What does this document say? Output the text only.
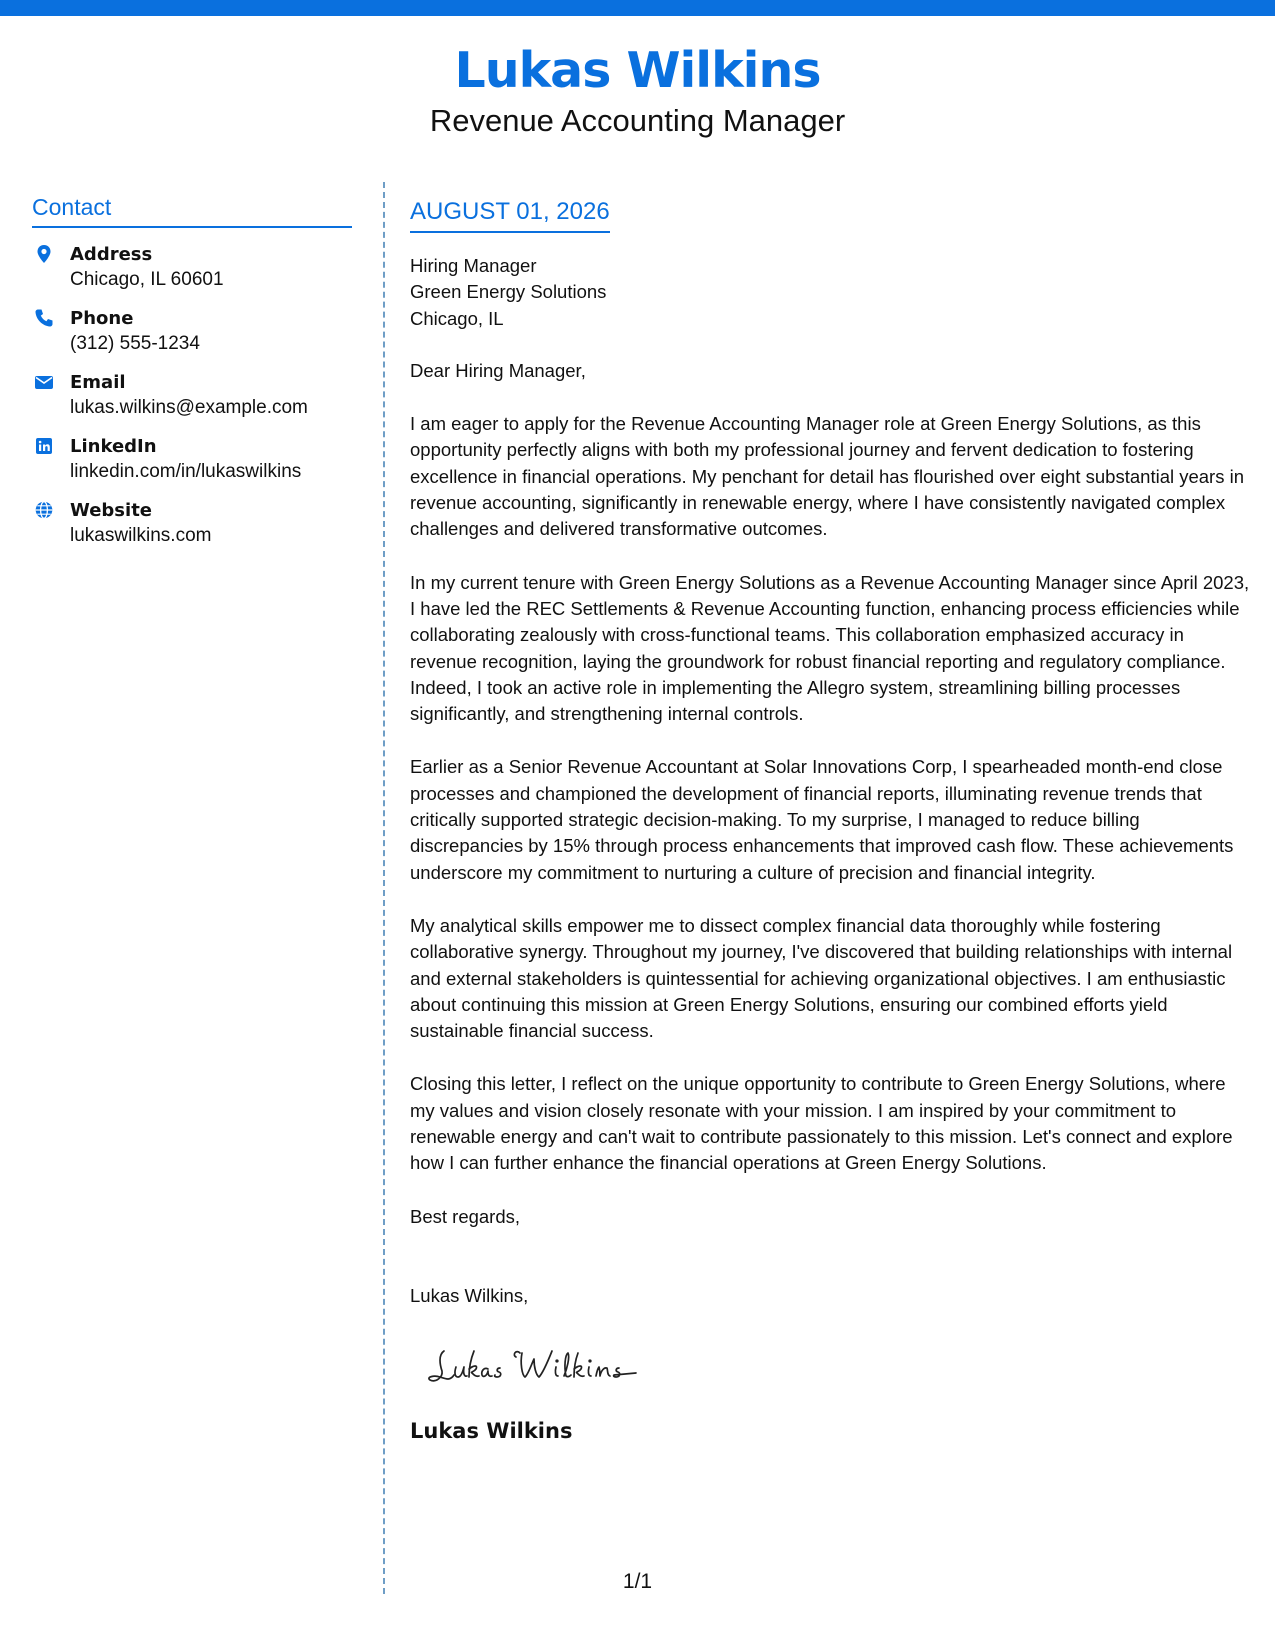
Lukas Wilkins
Revenue Accounting Manager
Contact
Address
Chicago, IL 60601
Phone
(312) 555-1234
Email
lukas.wilkins@example.com
LinkedIn
linkedin.com/in/lukaswilkins
Website
lukaswilkins.com
AUGUST 01, 2026
Hiring Manager
Green Energy Solutions
Chicago, IL
Dear Hiring Manager,
I am eager to apply for the Revenue Accounting Manager role at Green Energy Solutions, as this opportunity perfectly aligns with both my professional journey and fervent dedication to fostering excellence in financial operations. My penchant for detail has flourished over eight substantial years in revenue accounting, significantly in renewable energy, where I have consistently navigated complex challenges and delivered transformative outcomes.
In my current tenure with Green Energy Solutions as a Revenue Accounting Manager since April 2023, I have led the REC Settlements & Revenue Accounting function, enhancing process efficiencies while collaborating zealously with cross-functional teams. This collaboration emphasized accuracy in revenue recognition, laying the groundwork for robust financial reporting and regulatory compliance. Indeed, I took an active role in implementing the Allegro system, streamlining billing processes significantly, and strengthening internal controls.
Earlier as a Senior Revenue Accountant at Solar Innovations Corp, I spearheaded month-end close processes and championed the development of financial reports, illuminating revenue trends that critically supported strategic decision-making. To my surprise, I managed to reduce billing discrepancies by 15% through process enhancements that improved cash flow. These achievements underscore my commitment to nurturing a culture of precision and financial integrity.
My analytical skills empower me to dissect complex financial data thoroughly while fostering collaborative synergy. Throughout my journey, I've discovered that building relationships with internal and external stakeholders is quintessential for achieving organizational objectives. I am enthusiastic about continuing this mission at Green Energy Solutions, ensuring our combined efforts yield sustainable financial success.
Closing this letter, I reflect on the unique opportunity to contribute to Green Energy Solutions, where my values and vision closely resonate with your mission. I am inspired by your commitment to renewable energy and can't wait to contribute passionately to this mission. Let's connect and explore how I can further enhance the financial operations at Green Energy Solutions.
Best regards,
Lukas Wilkins,
Lukas Wilkins
1/1
